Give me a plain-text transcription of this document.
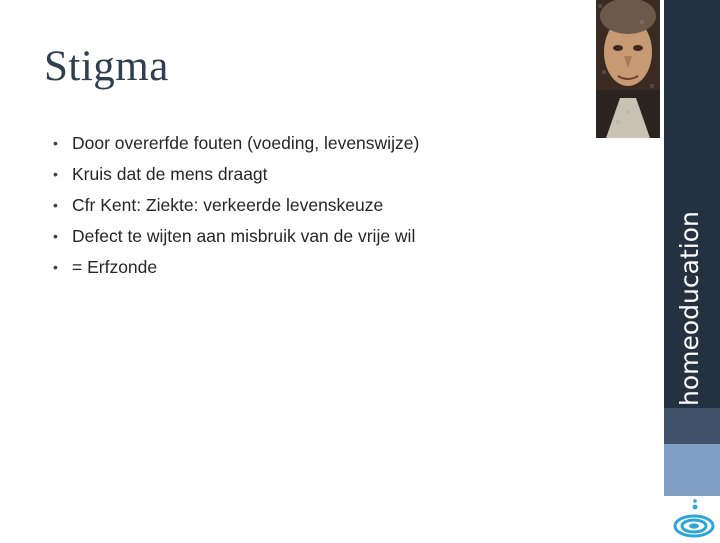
Stigma
• Door overerfde fouten (voeding, levenswijze)
• Kruis dat de mens draagt
• Cfr Kent: Ziekte: verkeerde levenskeuze
• Defect te wijten aan misbruik van de vrije wil
• = Erfzonde	homeoducation
